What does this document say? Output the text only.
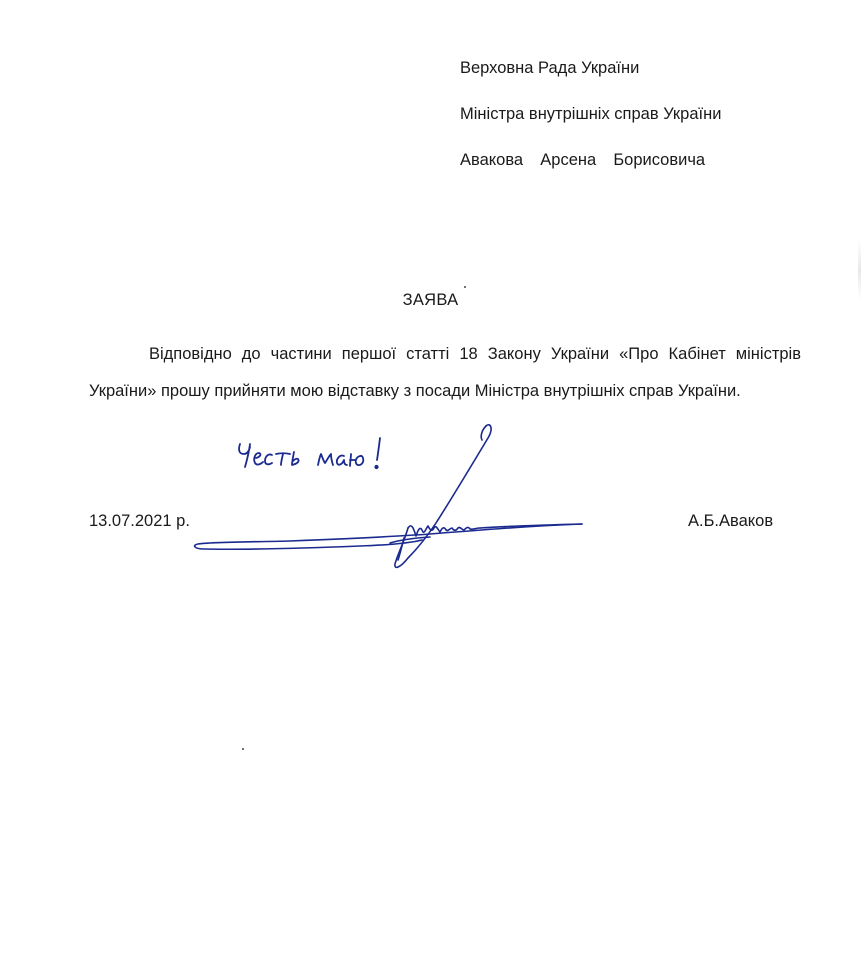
Верховна Рада України
Міністра внутрішніх справ України
Авакова  Арсена  Борисовича
ЗАЯВА

Відповідно до частини першої статті 18 Закону України «Про Кабінет міністрів України» прошу прийняти мою відставку з посади Міністра внутрішніх справ України.

13.07.2021 р.	А.Б.Аваков
